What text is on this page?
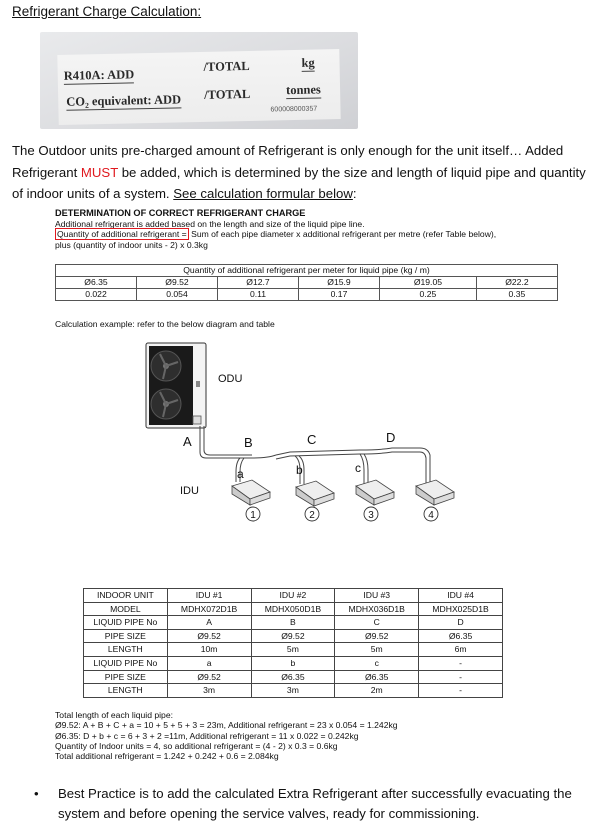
Refrigerant Charge Calculation:
R410A: ADD
/TOTAL	kg
CO₂ equivalent: ADD /TOTAL	tonnes
600008000357
The Outdoor units pre-charged amount of Refrigerant is only enough for the unit itself… Added Refrigerant MUST be added, which is determined by the size and length of liquid pipe and quantity of indoor units of a system. See calculation formular below:
DETERMINATION OF CORRECT REFRIGERANT CHARGE
Additional refrigerant is added based on the length and size of the liquid pipe line.
Quantity of additional refrigerant = Sum of each pipe diameter x additional refrigerant per metre (refer Table below),
plus (quantity of indoor units - 2) x 0.3kg
Quantity of additional refrigerant per meter for liquid pipe (kg / m)					
Ø6.35	Ø9.52	Ø12.7	Ø15.9	Ø19.05	Ø22.2
0.022	0.054	0.11	0.17	0.25	0.35
Calculation example: refer to the below diagram and table
ODU
IDU
A	B	C	D
a	b	c
1	2	3	4
INDOOR UNIT	IDU #1	IDU #2	IDU #3	IDU #4
MODEL	MDHX072D1B	MDHX050D1B	MDHX036D1B	MDHX025D1B
LIQUID PIPE No	A	B	C	D
PIPE SIZE	Ø9.52	Ø9.52	Ø9.52	Ø6.35
LENGTH	10m	5m	5m	6m
LIQUID PIPE No	a	b	c	-
PIPE SIZE	Ø9.52	Ø6.35	Ø6.35	-
LENGTH	3m	3m	2m	-
Total length of each liquid pipe:
Ø9.52: A + B + C + a = 10 + 5 + 5 + 3 = 23m, Additional refrigerant = 23 x 0.054 = 1.242kg
Ø6.35: D + b + c = 6 + 3 + 2 =11m, Additional refrigerant = 11 x 0.022 = 0.242kg
Quantity of Indoor units = 4, so additional refrigerant = (4 - 2) x 0.3 = 0.6kg
Total additional refrigerant = 1.242 + 0.242 + 0.6 = 2.084kg
• Best Practice is to add the calculated Extra Refrigerant after successfully evacuating the system and before opening the service valves, ready for commissioning.
